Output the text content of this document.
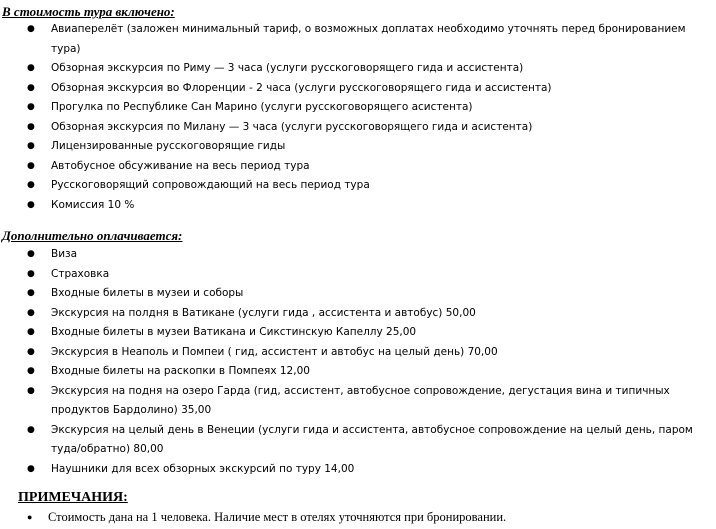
В стоимость тура включено:
● Авиаперелёт (заложен минимальный тариф, о возможных доплатах необходимо уточнять перед бронированием тура)
● Обзорная экскурсия по Риму — 3 часа (услуги русскоговорящего гида и ассистента)
● Обзорная экскурсия во Флоренции - 2 часа (услуги русскоговорящего гида и ассистента)
● Прогулка по Республике Сан Марино (услуги русскоговорящего асистента)
● Обзорная экскурсия по Милану — 3 часа (услуги русскоговорящего гида и асистента)
● Лицензированные русскоговорящие гиды
● Автобусное обсуживание на весь период тура
● Русскоговорящий сопровождающий на весь период тура
● Комиссия 10 %
Дополнительно оплачивается:
● Виза
● Страховка
● Входные билеты в музеи и соборы
● Экскурсия на полдня в Ватикане (услуги гида , ассистента и автобус) 50,00
● Входные билеты в музеи Ватикана и Сикстинскую Капеллу 25,00
● Экскурсия в Неаполь и Помпеи ( гид, ассистент и автобус на целый день) 70,00
● Входные билеты на раскопки в Помпеях 12,00
● Экскурсия на подня на озеро Гарда (гид, ассистент, автобусное сопровождение, дегустация вина и типичных продуктов Бардолино) 35,00
● Экскурсия на целый день в Венеции (услуги гида и ассистента, автобусное сопровождение на целый день, паром туда/обратно) 80,00
● Наушники для всех обзорных экскурсий по туру 14,00
ПРИМЕЧАНИЯ:
● Стоимость дана на 1 человека. Наличие мест в отелях уточняются при бронировании.
